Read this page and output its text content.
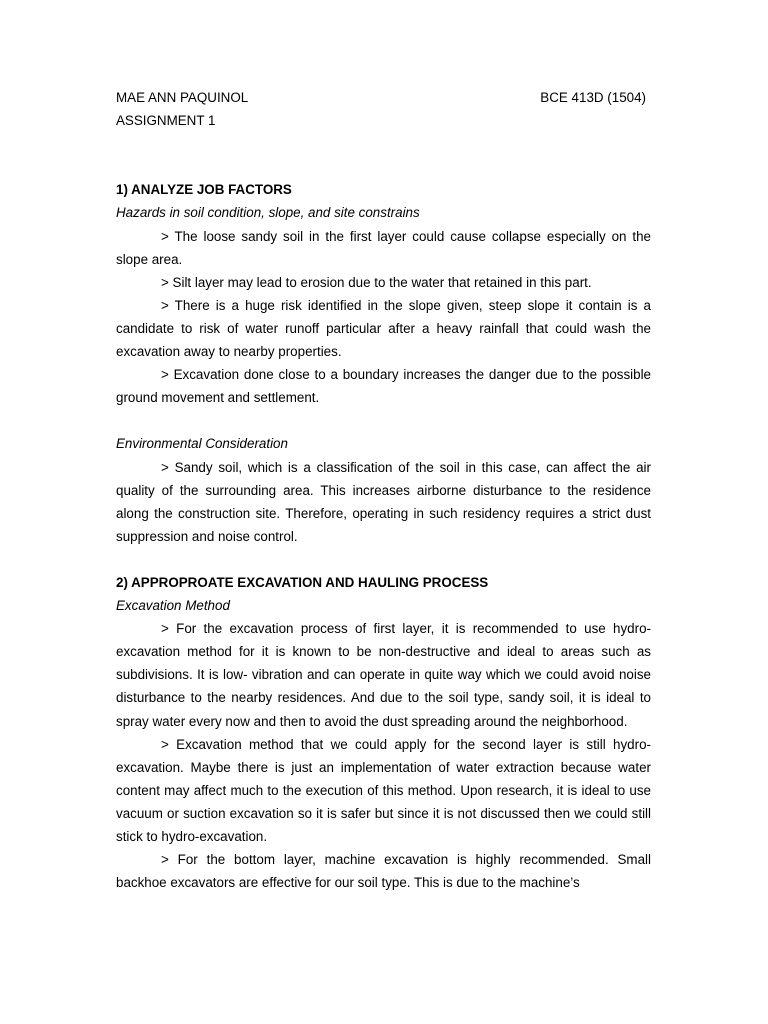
MAE ANN PAQUINOL	BCE 413D (1504)

ASSIGNMENT 1

1) ANALYZE JOB FACTORS

Hazards in soil condition, slope, and site constrains

> The loose sandy soil in the first layer could cause collapse especially on the slope area.

> Silt layer may lead to erosion due to the water that retained in this part.

> There is a huge risk identified in the slope given, steep slope it contain is a candidate to risk of water runoff particular after a heavy rainfall that could wash the excavation away to nearby properties.

> Excavation done close to a boundary increases the danger due to the possible ground movement and settlement.

Environmental Consideration

> Sandy soil, which is a classification of the soil in this case, can affect the air quality of the surrounding area. This increases airborne disturbance to the residence along the construction site. Therefore, operating in such residency requires a strict dust suppression and noise control.

2) APPROPROATE EXCAVATION AND HAULING PROCESS

Excavation Method

> For the excavation process of first layer, it is recommended to use hydro-excavation method for it is known to be non-destructive and ideal to areas such as subdivisions. It is low- vibration and can operate in quite way which we could avoid noise disturbance to the nearby residences. And due to the soil type, sandy soil, it is ideal to spray water every now and then to avoid the dust spreading around the neighborhood.

> Excavation method that we could apply for the second layer is still hydro-excavation. Maybe there is just an implementation of water extraction because water content may affect much to the execution of this method. Upon research, it is ideal to use vacuum or suction excavation so it is safer but since it is not discussed then we could still stick to hydro-excavation.

> For the bottom layer, machine excavation is highly recommended. Small backhoe excavators are effective for our soil type. This is due to the machine’s
